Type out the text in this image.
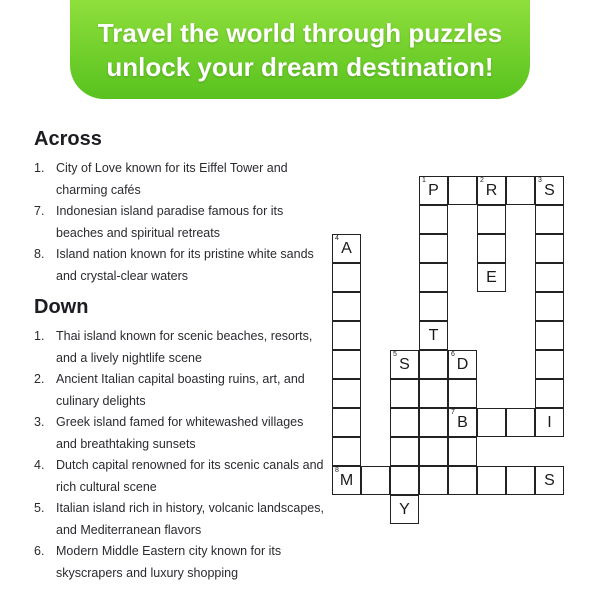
Travel the world through puzzles
unlock your dream destination!
Across
1. City of Love known for its Eiffel Tower and charming cafés
7. Indonesian island paradise famous for its beaches and spiritual retreats
8. Island nation known for its pristine white sands and crystal-clear waters
Down
1. Thai island known for scenic beaches, resorts, and a lively nightlife scene
2. Ancient Italian capital boasting ruins, art, and culinary delights
3. Greek island famed for whitewashed villages and breathtaking sunsets
4. Dutch capital renowned for its scenic canals and rich cultural scene
5. Italian island rich in history, volcanic landscapes, and Mediterranean flavors
6. Modern Middle Eastern city known for its skyscrapers and luxury shopping
1
P
2
R
3
S
4
A
E
T
5
S
6
D
7
B	I
8
M	S
Y
